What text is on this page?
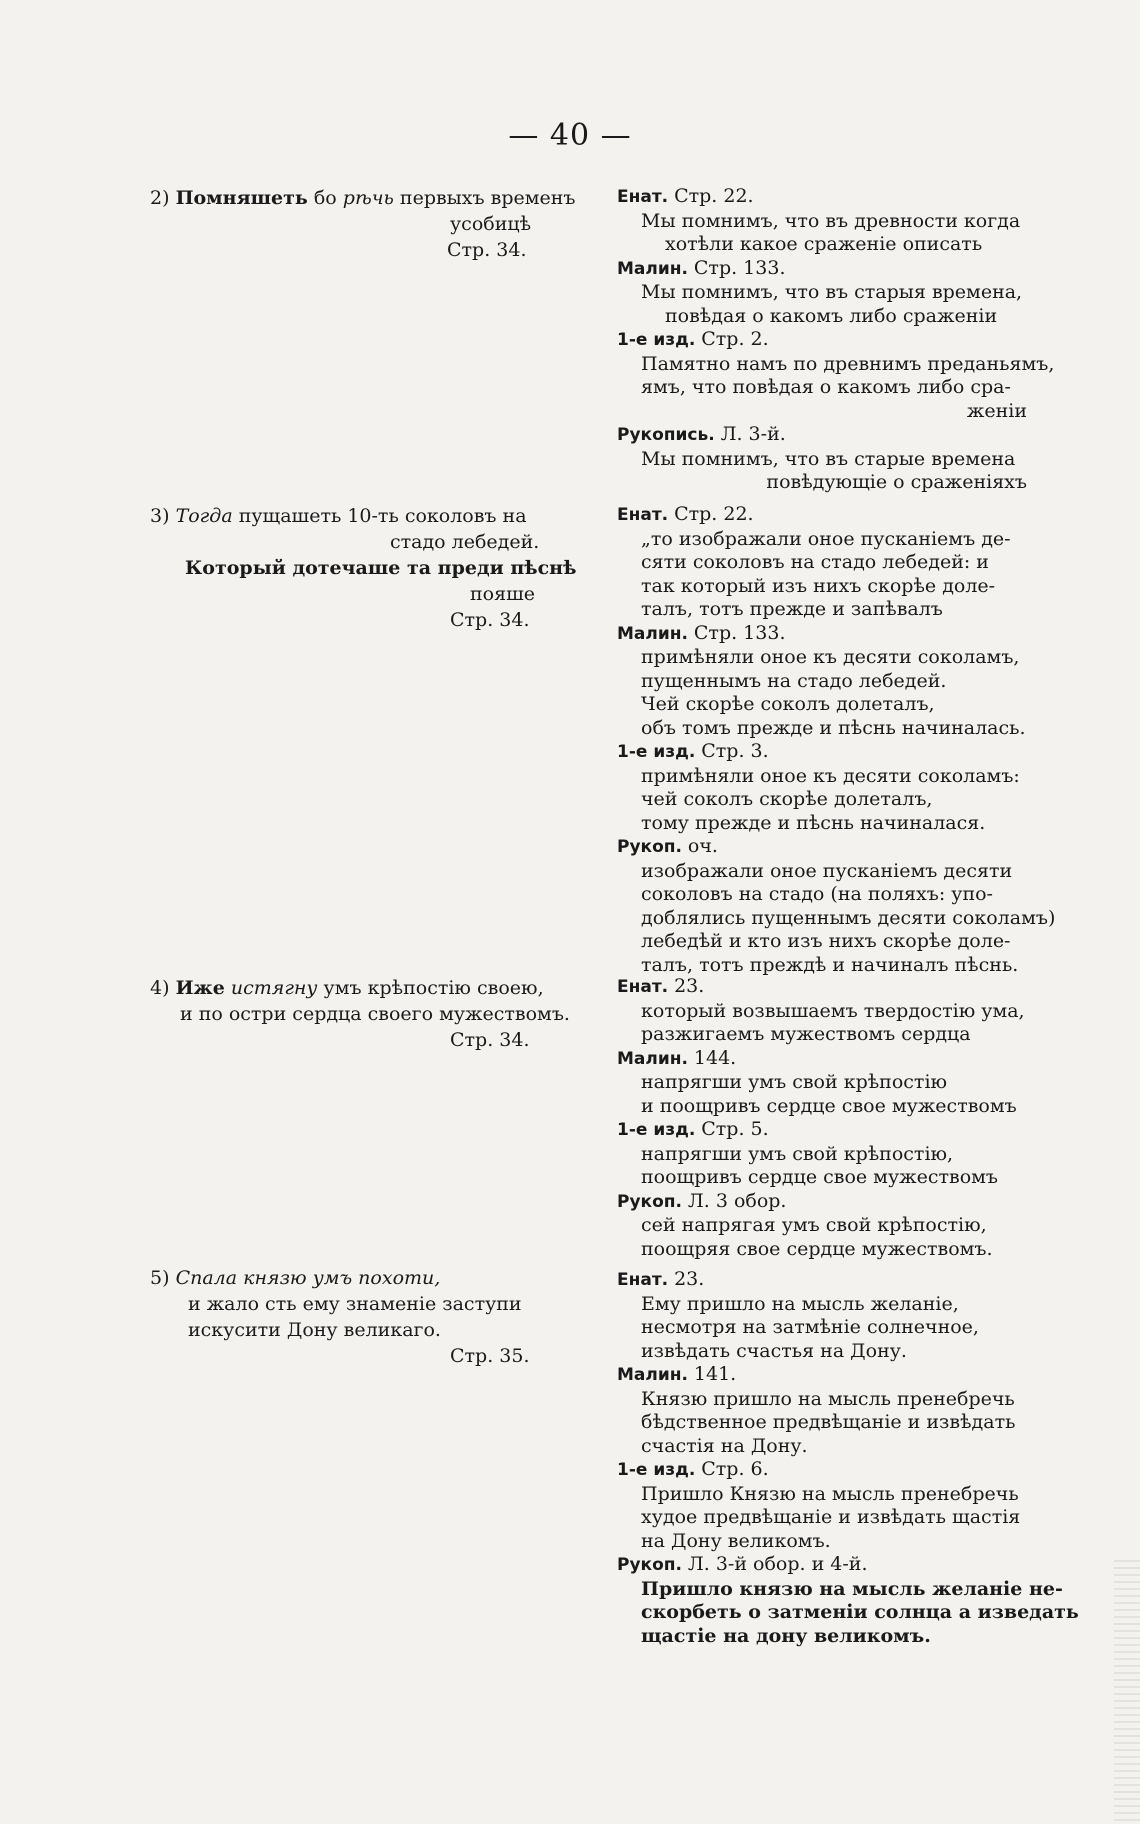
— 40 —
2) Помняшеть бо рѣчь первыхъ временъ
усобицѣ
Стр. 34.
Енат. Стр. 22.
Мы помнимъ, что въ древности когда
хотѣли какое сраженіе описать
Малин. Стр. 133.
Мы помнимъ, что въ старыя времена,
повѣдая о какомъ либо сраженіи
1-е изд. Стр. 2.
Памятно намъ по древнимъ преданьямъ,
ямъ, что повѣдая о какомъ либо сра-
женіи
Рукопись. Л. 3-й.
Мы помнимъ, что въ старые времена
повѣдующіе о сраженіяхъ
3) Тогда пущашеть 10-ть соколовъ на
стадо лебедей.
Который дотечаше та преди пѣснѣ
пояше
Стр. 34.
Енат. Стр. 22.
„то изображали оное пусканіемъ де-
сяти соколовъ на стадо лебедей: и
так который изъ нихъ скорѣе доле-
талъ, тотъ прежде и запѣвалъ
Малин. Стр. 133.
примѣняли оное къ десяти соколамъ,
пущеннымъ на стадо лебедей.
Чей скорѣе соколъ долеталъ,
объ томъ прежде и пѣснь начиналась.
1-е изд. Стр. 3.
примѣняли оное къ десяти соколамъ:
чей соколъ скорѣе долеталъ,
тому прежде и пѣснь начиналася.
Рукоп. оч.
изображали оное пусканіемъ десяти
соколовъ на стадо (на поляхъ: упо-
доблялись пущеннымъ десяти соколамъ)
лебедѣй и кто изъ нихъ скорѣе доле-
талъ, тотъ преждѣ и начиналъ пѣснь.
4) Иже истягну умъ крѣпостію своею,
и по остри сердца своего мужествомъ.
Стр. 34.
Енат. 23.
который возвышаемъ твердостію ума,
разжигаемъ мужествомъ сердца
Малин. 144.
напрягши умъ свой крѣпостію
и поощривъ сердце свое мужествомъ
1-е изд. Стр. 5.
напрягши умъ свой крѣпостію,
поощривъ сердце свое мужествомъ
Рукоп. Л. 3 обор.
сей напрягая умъ свой крѣпостію,
поощряя свое сердце мужествомъ.
5) Спала князю умъ похоти,
и жало сть ему знаменіе заступи
искусити Дону великаго.
Стр. 35.
Енат. 23.
Ему пришло на мысль желаніе,
несмотря на затмѣніе солнечное,
извѣдать счастья на Дону.
Малин. 141.
Князю пришло на мысль пренебречь
бѣдственное предвѣщаніе и извѣдать
счастія на Дону.
1-е изд. Стр. 6.
Пришло Князю на мысль пренебречь
худое предвѣщаніе и извѣдать щастія
на Дону великомъ.
Рукоп. Л. 3-й обор. и 4-й.
Пришло князю на мысль желаніе не-
скорбеть о затменіи солнца а изведать
щастіе на дону великомъ.
